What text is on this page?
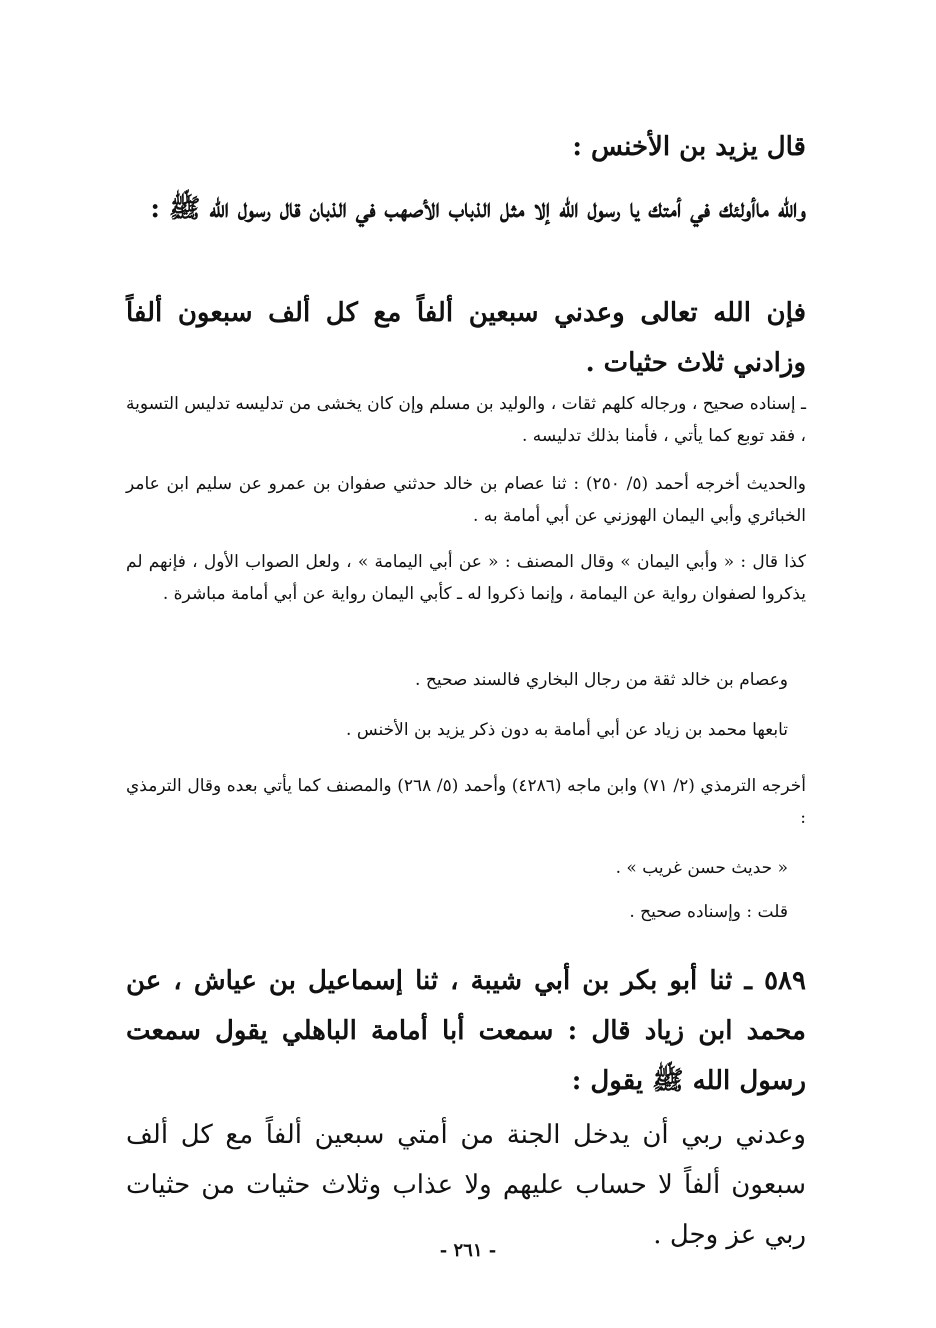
قال يزيد بن الأخنس :
والله ماأولئك في أمتك يا رسول الله إلا مثل الذباب الأصهب في الذبان قال رسول الله ﷺ :
فإن الله تعالى وعدني سبعين ألفاً مع كل ألف سبعون ألفاً وزادني ثلاث حثيات .
ـ إسناده صحيح ، ورجاله كلهم ثقات ، والوليد بن مسلم وإن كان يخشى من تدليسه تدليس التسوية ، فقد توبع كما يأتي ، فأمنا بذلك تدليسه .
والحديث أخرجه أحمد (٥/ ٢٥٠) : ثنا عصام بن خالد حدثني صفوان بن عمرو عن سليم ابن عامر الخبائري وأبي اليمان الهوزني عن أبي أمامة به .
كذا قال : « وأبي اليمان » وقال المصنف : « عن أبي اليمامة » ، ولعل الصواب الأول ، فإنهم لم يذكروا لصفوان رواية عن اليمامة ، وإنما ذكروا له ـ كأبي اليمان رواية عن أبي أمامة مباشرة .
وعصام بن خالد ثقة من رجال البخاري فالسند صحيح .
تابعها محمد بن زياد عن أبي أمامة به دون ذكر يزيد بن الأخنس .
أخرجه الترمذي (٢/ ٧١) وابن ماجه (٤٢٨٦) وأحمد (٥/ ٢٦٨) والمصنف كما يأتي بعده وقال الترمذي :
« حديث حسن غريب » .
قلت : وإسناده صحيح .
٥٨٩ ـ ثنا أبو بكر بن أبي شيبة ، ثنا إسماعيل بن عياش ، عن محمد ابن زياد قال : سمعت أبا أمامة الباهلي يقول سمعت رسول الله ﷺ يقول :
وعدني ربي أن يدخل الجنة من أمتي سبعين ألفاً مع كل ألف سبعون ألفاً لا حساب عليهم ولا عذاب وثلاث حثيات من حثيات ربي عز وجل .
- ٢٦١ -
